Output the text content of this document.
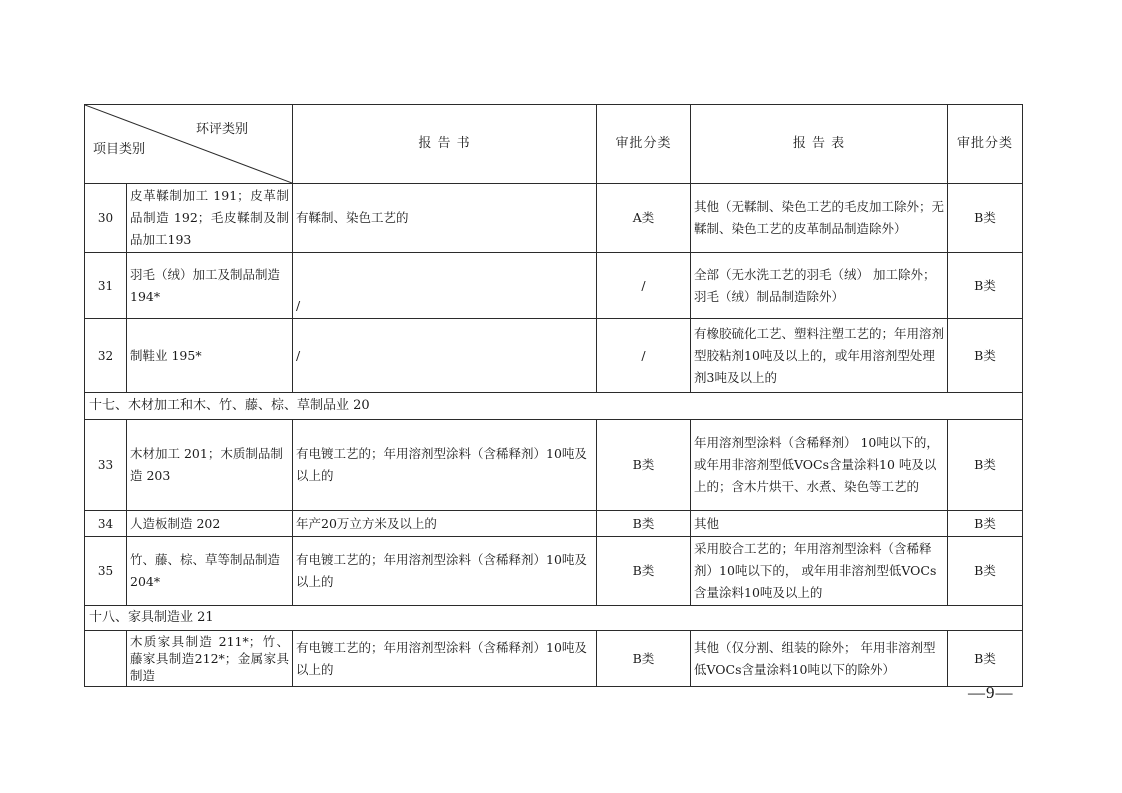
环评类别
项目类别		报 告 书	审批分类	报 告 表	审批分类
30	皮革鞣制加工 191；皮革制品制造 192；毛皮鞣制及制品加工193	有鞣制、染色工艺的	A类	其他（无鞣制、染色工艺的毛皮加工除外；无鞣制、染色工艺的皮革制品制造除外）	B类
31	羽毛（绒）加工及制品制造 194*	/	/	全部（无水洗工艺的羽毛（绒） 加工除外；羽毛（绒）制品制造除外）	B类
32	制鞋业 195*	/	/	有橡胶硫化工艺、塑料注塑工艺的；年用溶剂型胶粘剂10吨及以上的，或年用溶剂型处理剂3吨及以上的	B类
十七、木材加工和木、竹、藤、棕、草制品业 20					
33	木材加工 201；木质制品制造 203	有电镀工艺的；年用溶剂型涂料（含稀释剂）10吨及以上的	B类	年用溶剂型涂料（含稀释剂） 10吨以下的，或年用非溶剂型低VOCs含量涂料10 吨及以上的；含木片烘干、水煮、染色等工艺的	B类
34	人造板制造 202	年产20万立方米及以上的	B类	其他	B类
35	竹、藤、棕、草等制品制造 204*	有电镀工艺的；年用溶剂型涂料（含稀释剂）10吨及以上的	B类	采用胶合工艺的；年用溶剂型涂料（含稀释剂）10吨以下的， 或年用非溶剂型低VOCs含量涂料10吨及以上的	B类
十八、家具制造业 21					
	木质家具制造 211*；竹、藤家具制造212*；金属家具制造	有电镀工艺的；年用溶剂型涂料（含稀释剂）10吨及以上的	B类	其他（仅分割、组装的除外； 年用非溶剂型低VOCs含量涂料10吨以下的除外）	B类
—9—
